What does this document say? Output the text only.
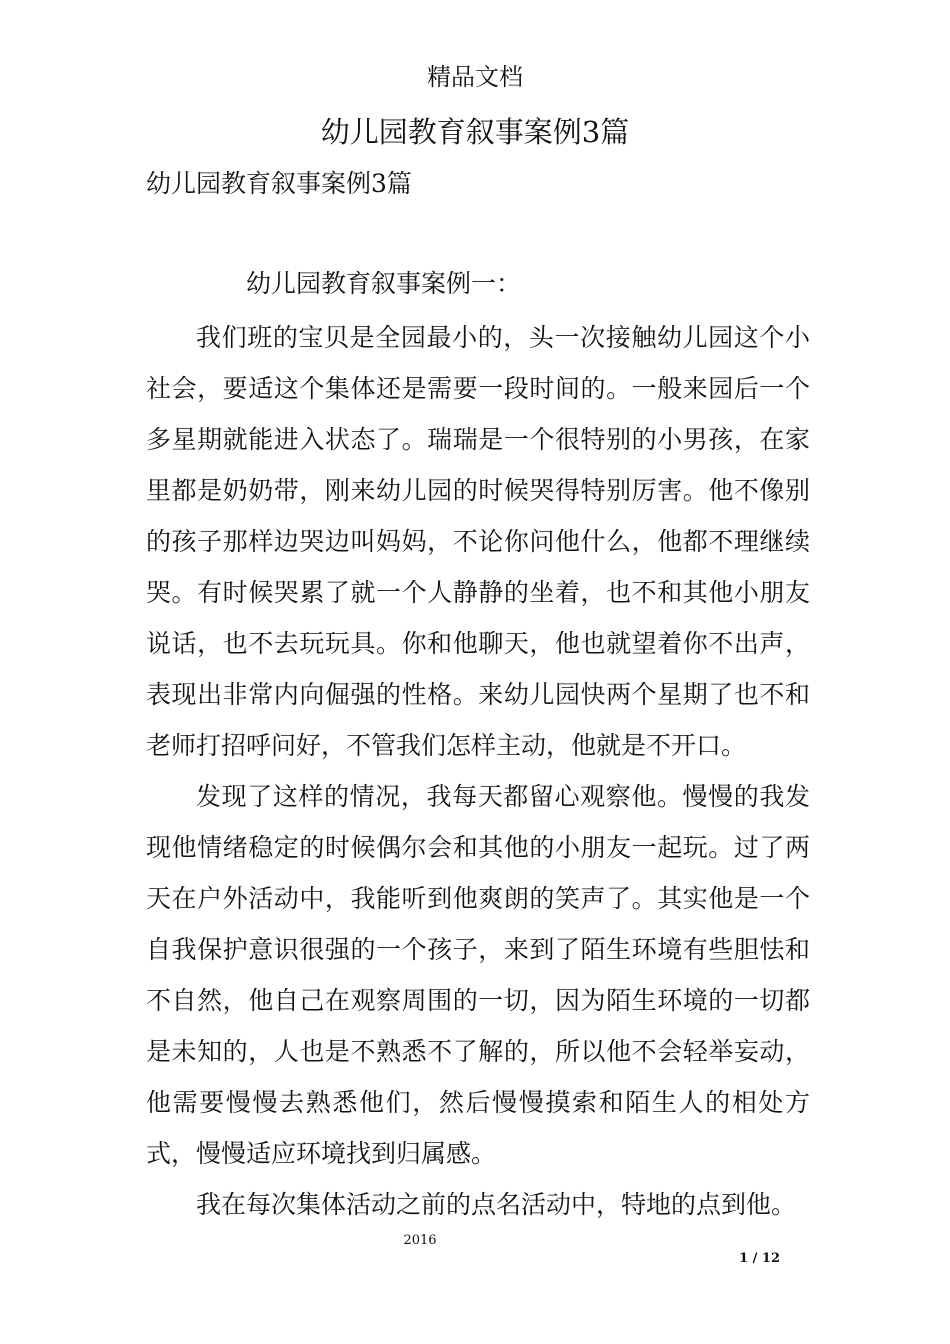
精品文档
幼儿园教育叙事案例3篇
幼儿园教育叙事案例3篇
幼儿园教育叙事案例一：

我们班的宝贝是全园最小的，头一次接触幼儿园这个小社会，要适这个集体还是需要一段时间的。一般来园后一个多星期就能进入状态了。瑞瑞是一个很特别的小男孩，在家里都是奶奶带，刚来幼儿园的时候哭得特别厉害。他不像别的孩子那样边哭边叫妈妈，不论你问他什么，他都不理继续哭。有时候哭累了就一个人静静的坐着，也不和其他小朋友说话，也不去玩玩具。你和他聊天，他也就望着你不出声，表现出非常内向倔强的性格。来幼儿园快两个星期了也不和老师打招呼问好，不管我们怎样主动，他就是不开口。

发现了这样的情况，我每天都留心观察他。慢慢的我发现他情绪稳定的时候偶尔会和其他的小朋友一起玩。过了两天在户外活动中，我能听到他爽朗的笑声了。其实他是一个自我保护意识很强的一个孩子，来到了陌生环境有些胆怯和不自然，他自己在观察周围的一切，因为陌生环境的一切都是未知的，人也是不熟悉不了解的，所以他不会轻举妄动，他需要慢慢去熟悉他们，然后慢慢摸索和陌生人的相处方式，慢慢适应环境找到归属感。

我在每次集体活动之前的点名活动中，特地的点到他。

2016
1 / 12
